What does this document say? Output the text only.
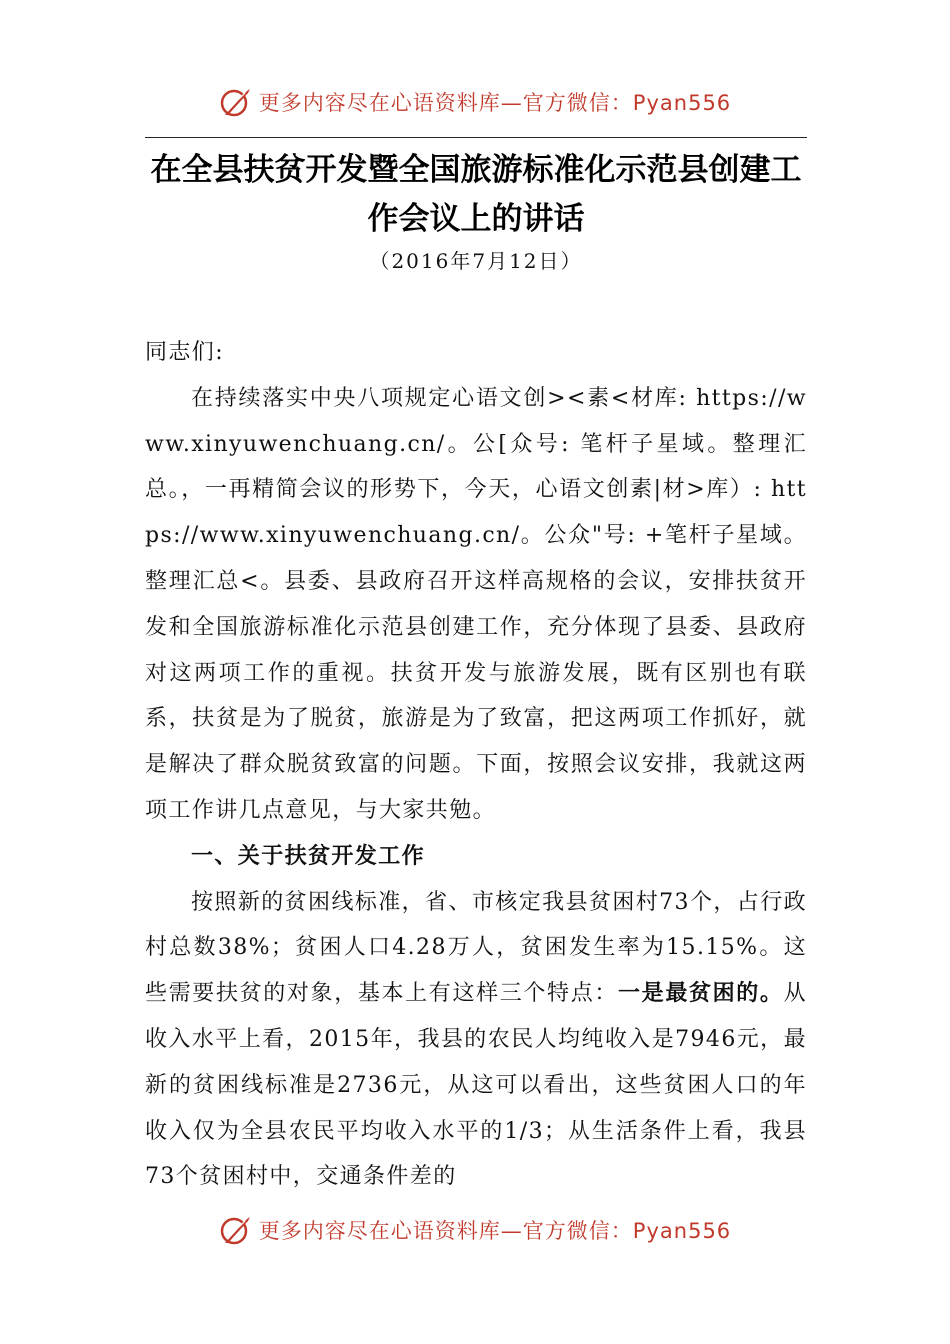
更多内容尽在心语资料库—官方微信：Pyan556
在全县扶贫开发暨全国旅游标准化示范县创建工作会议上的讲话
（2016年7月12日）

同志们:

在持续落实中央八项规定心语文创><素<材库: https://www.xinyuwenchuang.cn/。公[众号: 笔杆子星域。整理汇总。，一再精简会议的形势下，今天，心语文创素|材>库）: https://www.xinyuwenchuang.cn/。公众"号: +笔杆子星域。整理汇总<。县委、县政府召开这样高规格的会议，安排扶贫开发和全国旅游标准化示范县创建工作，充分体现了县委、县政府对这两项工作的重视。扶贫开发与旅游发展，既有区别也有联系，扶贫是为了脱贫，旅游是为了致富，把这两项工作抓好，就是解决了群众脱贫致富的问题。下面，按照会议安排，我就这两项工作讲几点意见，与大家共勉。

一、关于扶贫开发工作

按照新的贫困线标准，省、市核定我县贫困村73个，占行政村总数38%；贫困人口4.28万人，贫困发生率为15.15%。这些需要扶贫的对象，基本上有这样三个特点：一是最贫困的。从收入水平上看，2015年，我县的农民人均纯收入是7946元，最新的贫困线标准是2736元，从这可以看出，这些贫困人口的年收入仅为全县农民平均收入水平的1/3；从生活条件上看，我县73个贫困村中，交通条件差的

更多内容尽在心语资料库—官方微信：Pyan556
